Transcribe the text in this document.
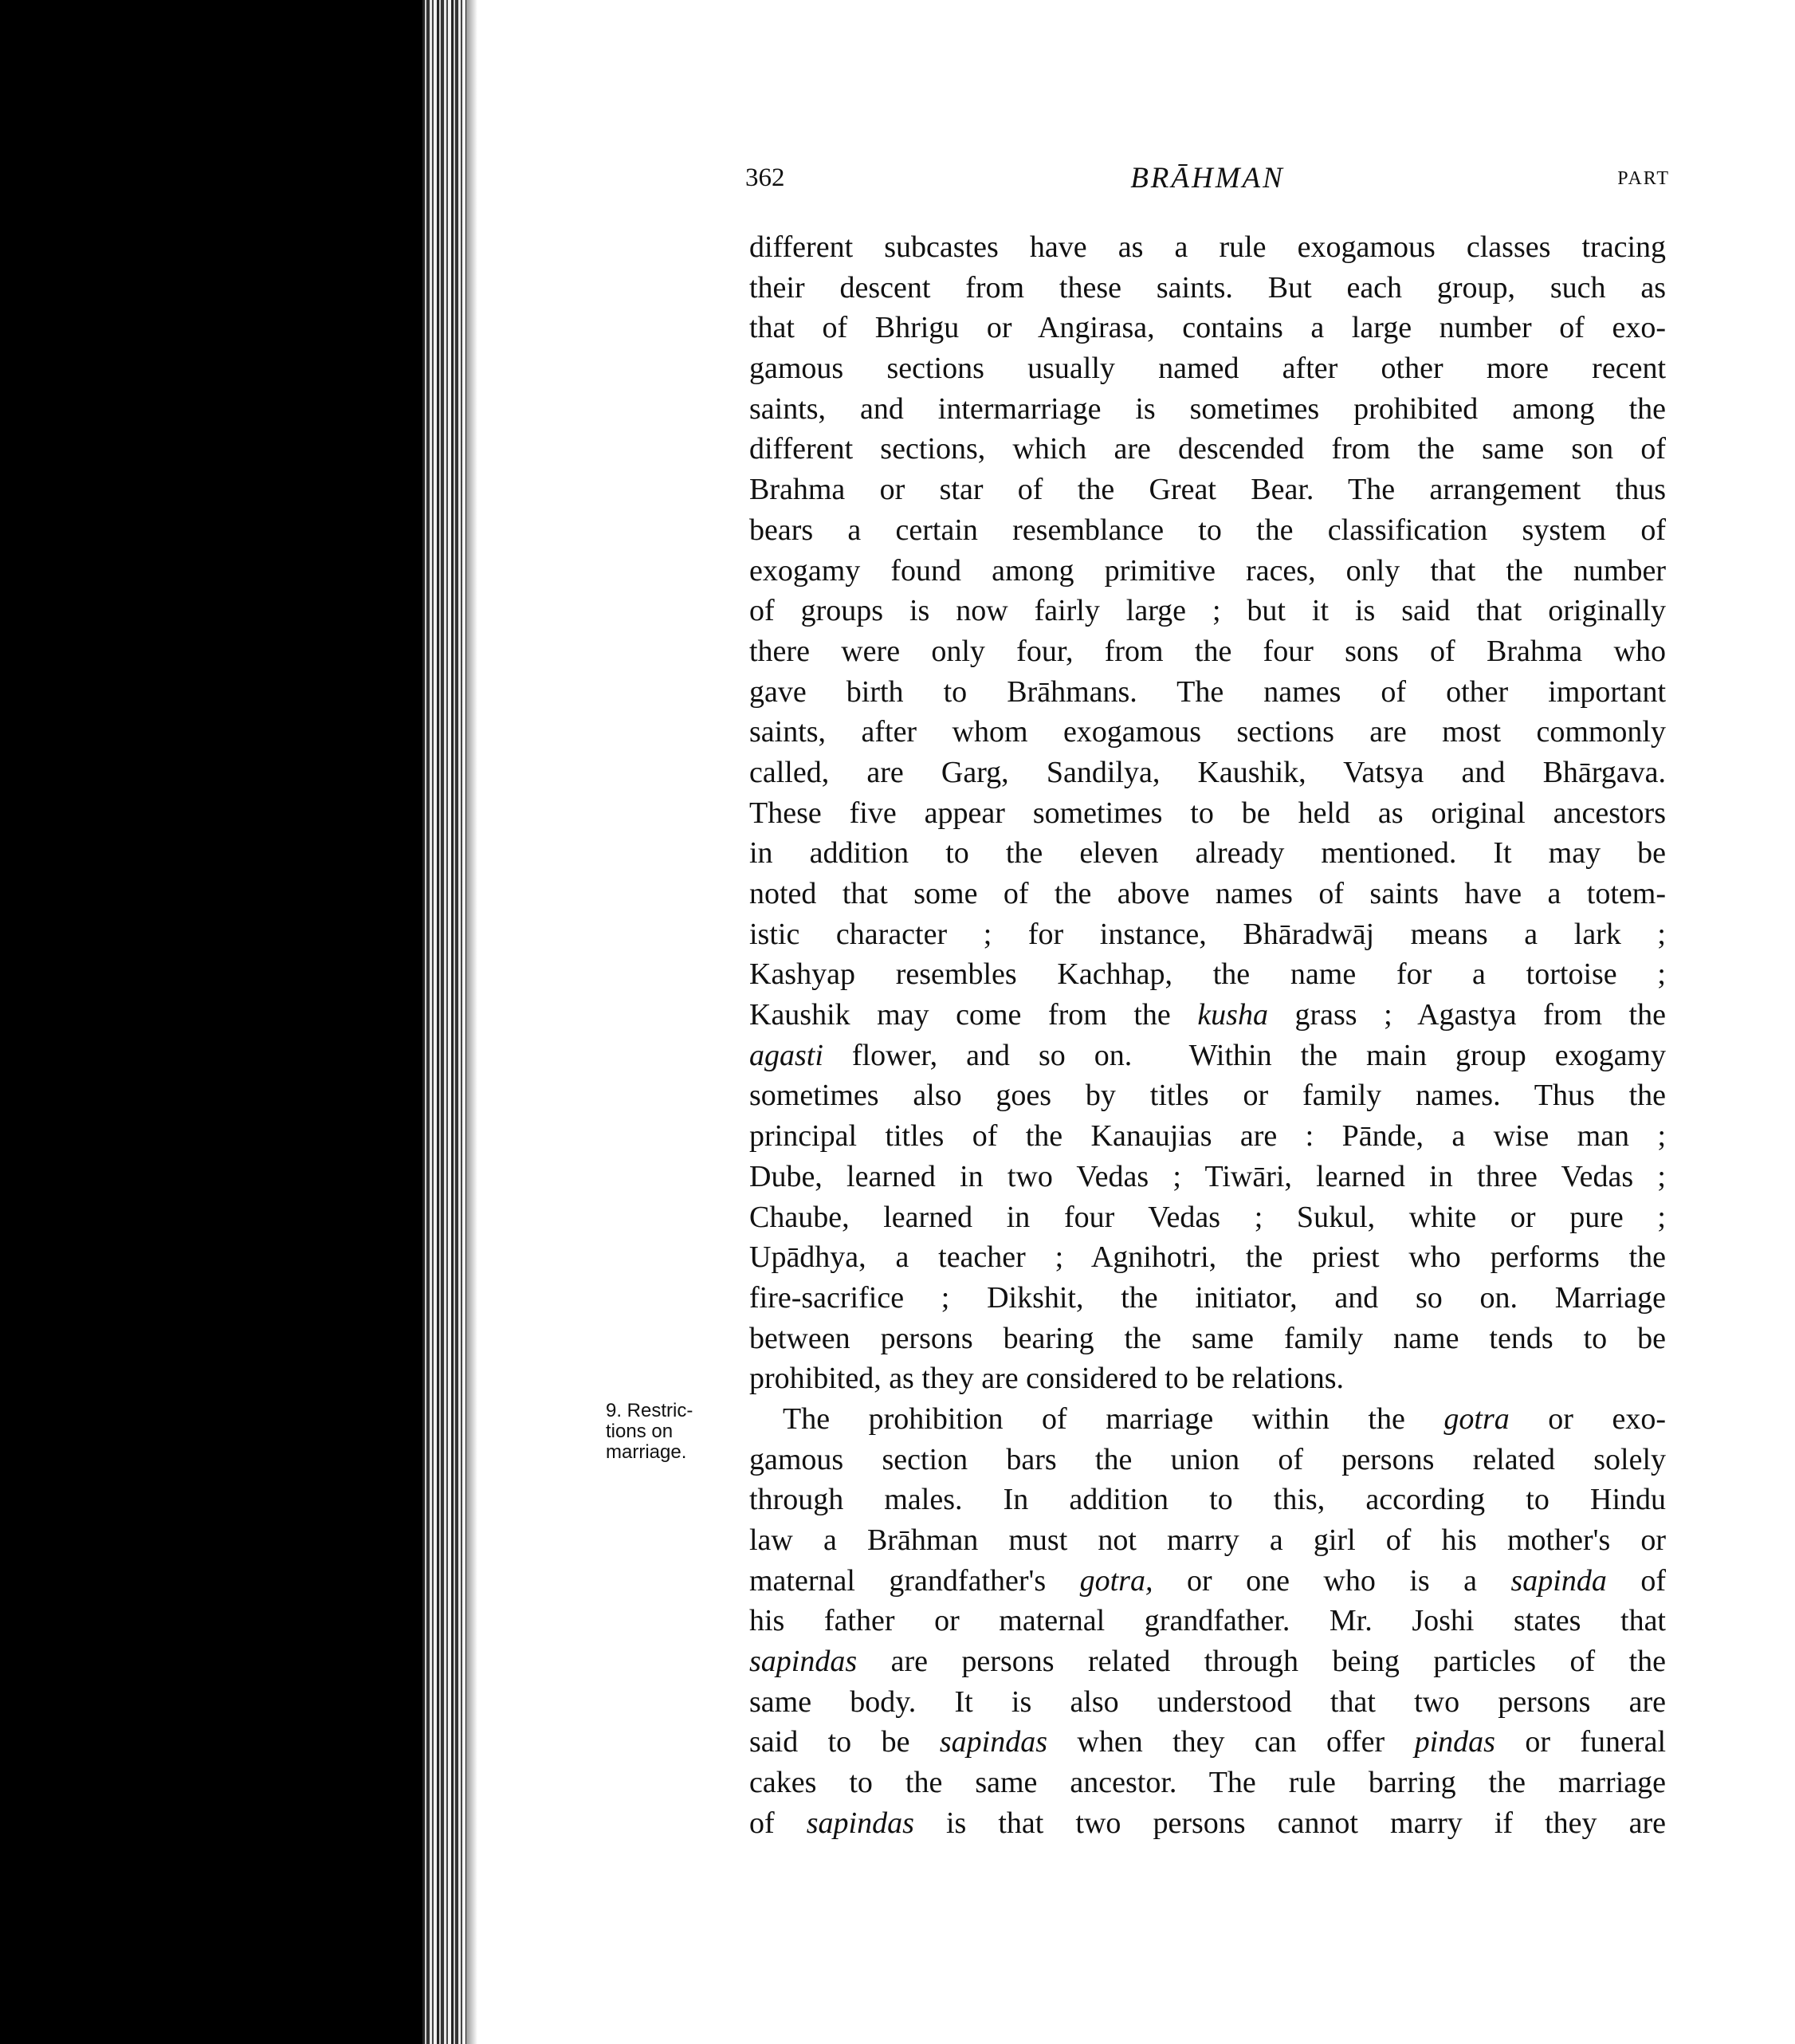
362	BRĀHMAN	PART
9. Restric-
tions on
marriage.
different subcastes have as a rule exogamous classes tracing
their descent from these saints. But each group, such as
that of Bhrigu or Angirasa, contains a large number of exo-
gamous sections usually named after other more recent
saints, and intermarriage is sometimes prohibited among the
different sections, which are descended from the same son of
Brahma or star of the Great Bear. The arrangement thus
bears a certain resemblance to the classification system of
exogamy found among primitive races, only that the number
of groups is now fairly large ; but it is said that originally
there were only four, from the four sons of Brahma who
gave birth to Brāhmans. The names of other important
saints, after whom exogamous sections are most commonly
called, are Garg, Sandilya, Kaushik, Vatsya and Bhārgava.
These five appear sometimes to be held as original ancestors
in addition to the eleven already mentioned. It may be
noted that some of the above names of saints have a totem-
istic character ; for instance, Bhāradwāj means a lark ;
Kashyap resembles Kachhap, the name for a tortoise ;
Kaushik may come from the kusha grass ; Agastya from the
agasti flower, and so on.  Within the main group exogamy
sometimes also goes by titles or family names. Thus the
principal titles of the Kanaujias are : Pānde, a wise man ;
Dube, learned in two Vedas ; Tiwāri, learned in three Vedas ;
Chaube, learned in four Vedas ; Sukul, white or pure ;
Upādhya, a teacher ; Agnihotri, the priest who performs the
fire-sacrifice ; Dikshit, the initiator, and so on. Marriage
between persons bearing the same family name tends to be
prohibited, as they are considered to be relations.
The prohibition of marriage within the gotra or exo-
gamous section bars the union of persons related solely
through males. In addition to this, according to Hindu
law a Brāhman must not marry a girl of his mother's or
maternal grandfather's gotra, or one who is a sapinda of
his father or maternal grandfather. Mr. Joshi states that
sapindas are persons related through being particles of the
same body. It is also understood that two persons are
said to be sapindas when they can offer pindas or funeral
cakes to the same ancestor. The rule barring the marriage
of sapindas is that two persons cannot marry if they are
